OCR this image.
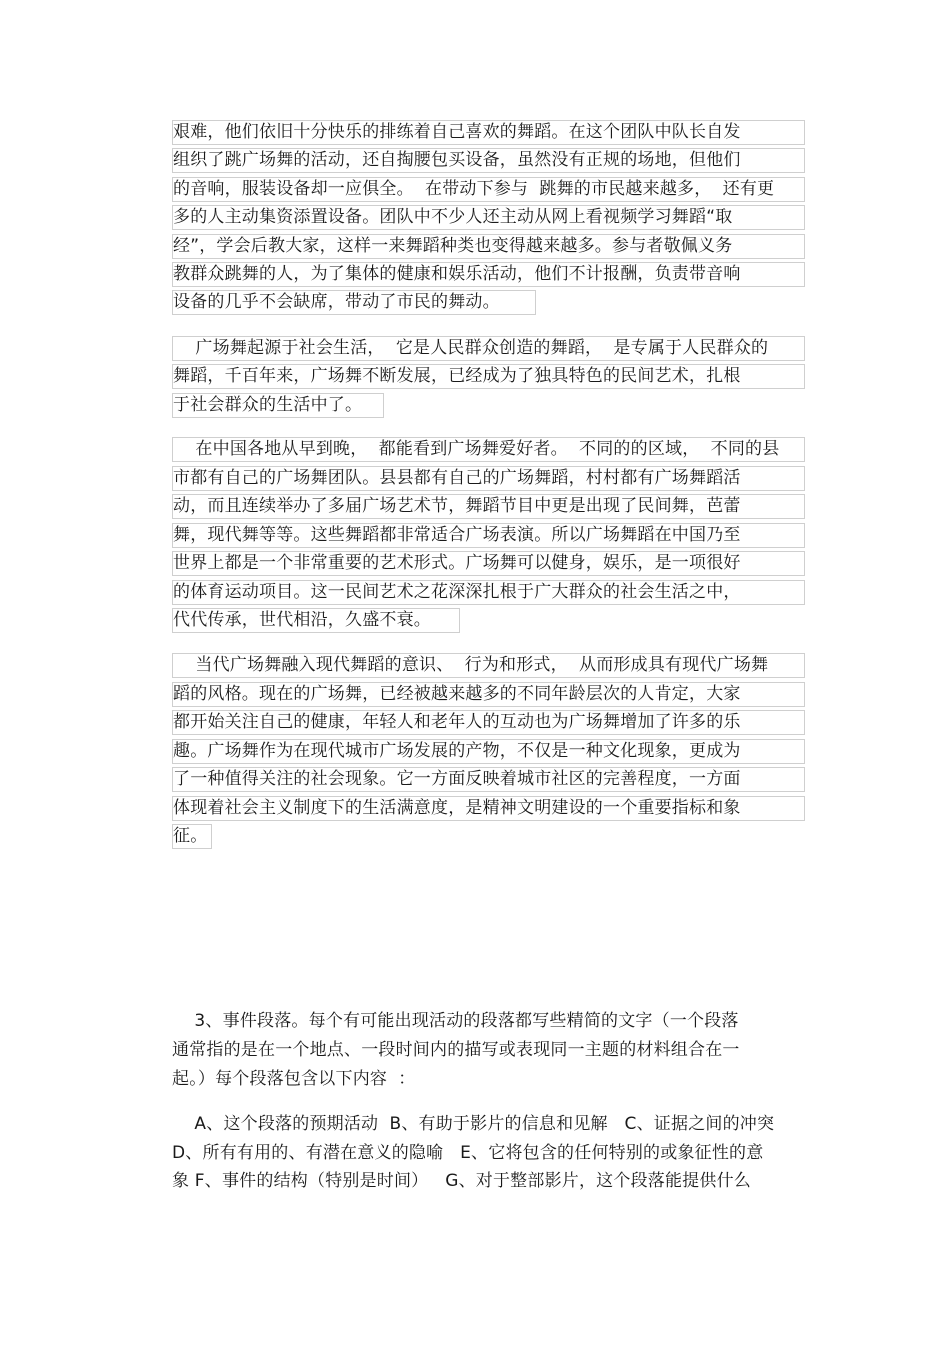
艰难，他们依旧十分快乐的排练着自己喜欢的舞蹈。在这个团队中队长自发
组织了跳广场舞的活动，还自掏腰包买设备，虽然没有正规的场地，但他们
的音响，服装设备却一应俱全。  在带动下参与  跳舞的市民越来越多，  还有更
多的人主动集资添置设备。团队中不少人还主动从网上看视频学习舞蹈“取
经”，学会后教大家，这样一来舞蹈种类也变得越来越多。参与者敬佩义务
教群众跳舞的人，为了集体的健康和娱乐活动，他们不计报酬，负责带音响
设备的几乎不会缺席，带动了市民的舞动。
广场舞起源于社会生活，  它是人民群众创造的舞蹈，  是专属于人民群众的
舞蹈，千百年来，广场舞不断发展，已经成为了独具特色的民间艺术，扎根
于社会群众的生活中了。
在中国各地从早到晚，  都能看到广场舞爱好者。  不同的的区域，  不同的县
市都有自己的广场舞团队。县县都有自己的广场舞蹈，村村都有广场舞蹈活
动，而且连续举办了多届广场艺术节，舞蹈节目中更是出现了民间舞，芭蕾
舞，现代舞等等。这些舞蹈都非常适合广场表演。所以广场舞蹈在中国乃至
世界上都是一个非常重要的艺术形式。广场舞可以健身，娱乐，是一项很好
的体育运动项目。这一民间艺术之花深深扎根于广大群众的社会生活之中，
代代传承，世代相沿，久盛不衰。
当代广场舞融入现代舞蹈的意识、  行为和形式，  从而形成具有现代广场舞
蹈的风格。现在的广场舞，已经被越来越多的不同年龄层次的人肯定，大家
都开始关注自己的健康，年轻人和老年人的互动也为广场舞增加了许多的乐
趣。广场舞作为在现代城市广场发展的产物，不仅是一种文化现象，更成为
了一种值得关注的社会现象。它一方面反映着城市社区的完善程度，一方面
体现着社会主义制度下的生活满意度，是精神文明建设的一个重要指标和象
征。
3、事件段落。每个有可能出现活动的段落都写些精简的文字（一个段落
通常指的是在一个地点、一段时间内的描写或表现同一主题的材料组合在一
起。）每个段落包含以下内容  ：
A、这个段落的预期活动  B、有助于影片的信息和见解   C、证据之间的冲突
D、所有有用的、有潜在意义的隐喻   E、它将包含的任何特别的或象征性的意
象 F、事件的结构（特别是时间）   G、对于整部影片，这个段落能提供什么
